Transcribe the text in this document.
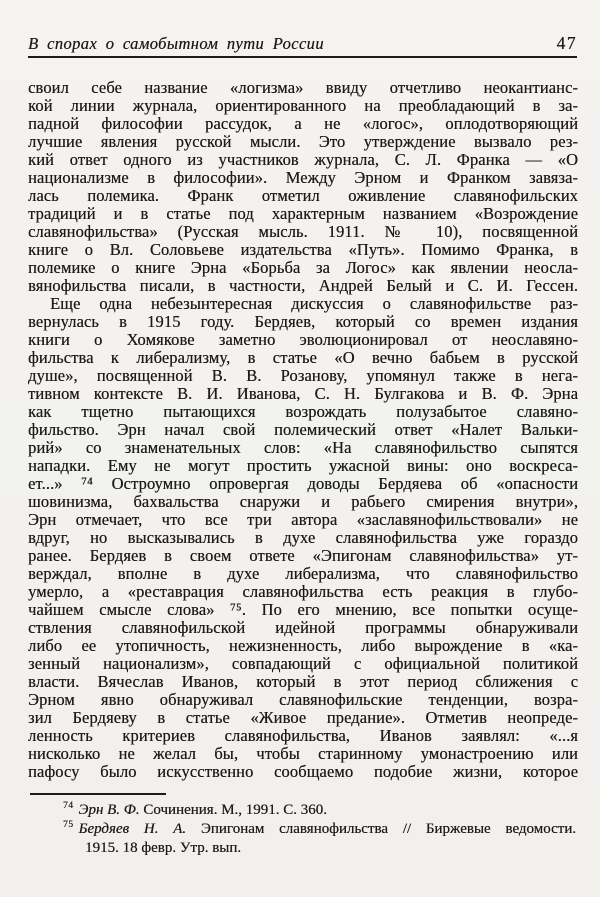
В спорах о самобытном пути России	47
своил себе название «логизма» ввиду отчетливо неокантианс-
кой линии журнала, ориентированного на преобладающий в за-
падной философии рассудок, а не «логос», оплодотворяющий
лучшие явления русской мысли. Это утверждение вызвало рез-
кий ответ одного из участников журнала, С. Л. Франка — «О
национализме в философии». Между Эрном и Франком завяза-
лась полемика. Франк отметил оживление славянофильских
традиций и в статье под характерным названием «Возрождение
славянофильства» (Русская мысль. 1911. № 10), посвященной
книге о Вл. Соловьеве издательства «Путь». Помимо Франка, в
полемике о книге Эрна «Борьба за Логос» как явлении неосла-
вянофильства писали, в частности, Андрей Белый и С. И. Гессен.
Еще одна небезынтересная дискуссия о славянофильстве раз-
вернулась в 1915 году. Бердяев, который со времен издания
книги о Хомякове заметно эволюционировал от неославяно-
фильства к либерализму, в статье «О вечно бабьем в русской
душе», посвященной В. В. Розанову, упомянул также в нега-
тивном контексте В. И. Иванова, С. Н. Булгакова и В. Ф. Эрна
как тщетно пытающихся возрождать полузабытое славяно-
фильство. Эрн начал свой полемический ответ «Налет Вальки-
рий» со знаменательных слов: «На славянофильство сыпятся
нападки. Ему не могут простить ужасной вины: оно воскреса-
ет...» ⁷⁴ Остроумно опровергая доводы Бердяева об «опасности
шовинизма, бахвальства снаружи и рабьего смирения внутри»,
Эрн отмечает, что все три автора «заславянофильствовали» не
вдруг, но высказывались в духе славянофильства уже гораздо
ранее. Бердяев в своем ответе «Эпигонам славянофильства» ут-
верждал, вполне в духе либерализма, что славянофильство
умерло, а «реставрация славянофильства есть реакция в глубо-
чайшем смысле слова» ⁷⁵. По его мнению, все попытки осуще-
ствления славянофильской идейной программы обнаруживали
либо ее утопичность, нежизненность, либо вырождение в «ка-
зенный национализм», совпадающий с официальной политикой
власти. Вячеслав Иванов, который в этот период сближения с
Эрном явно обнаруживал славянофильские тенденции, возра-
зил Бердяеву в статье «Живое предание». Отметив неопреде-
ленность критериев славянофильства, Иванов заявлял: «...я
нисколько не желал бы, чтобы старинному умонастроению или
пафосу было искусственно сообщаемо подобие жизни, которое
$^{74}$ Эрн В. Ф. Сочинения. М., 1991. С. 360.
$^{75}$ Бердяев Н. А. Эпигонам славянофильства // Биржевые ведомости.
1915. 18 февр. Утр. вып.
